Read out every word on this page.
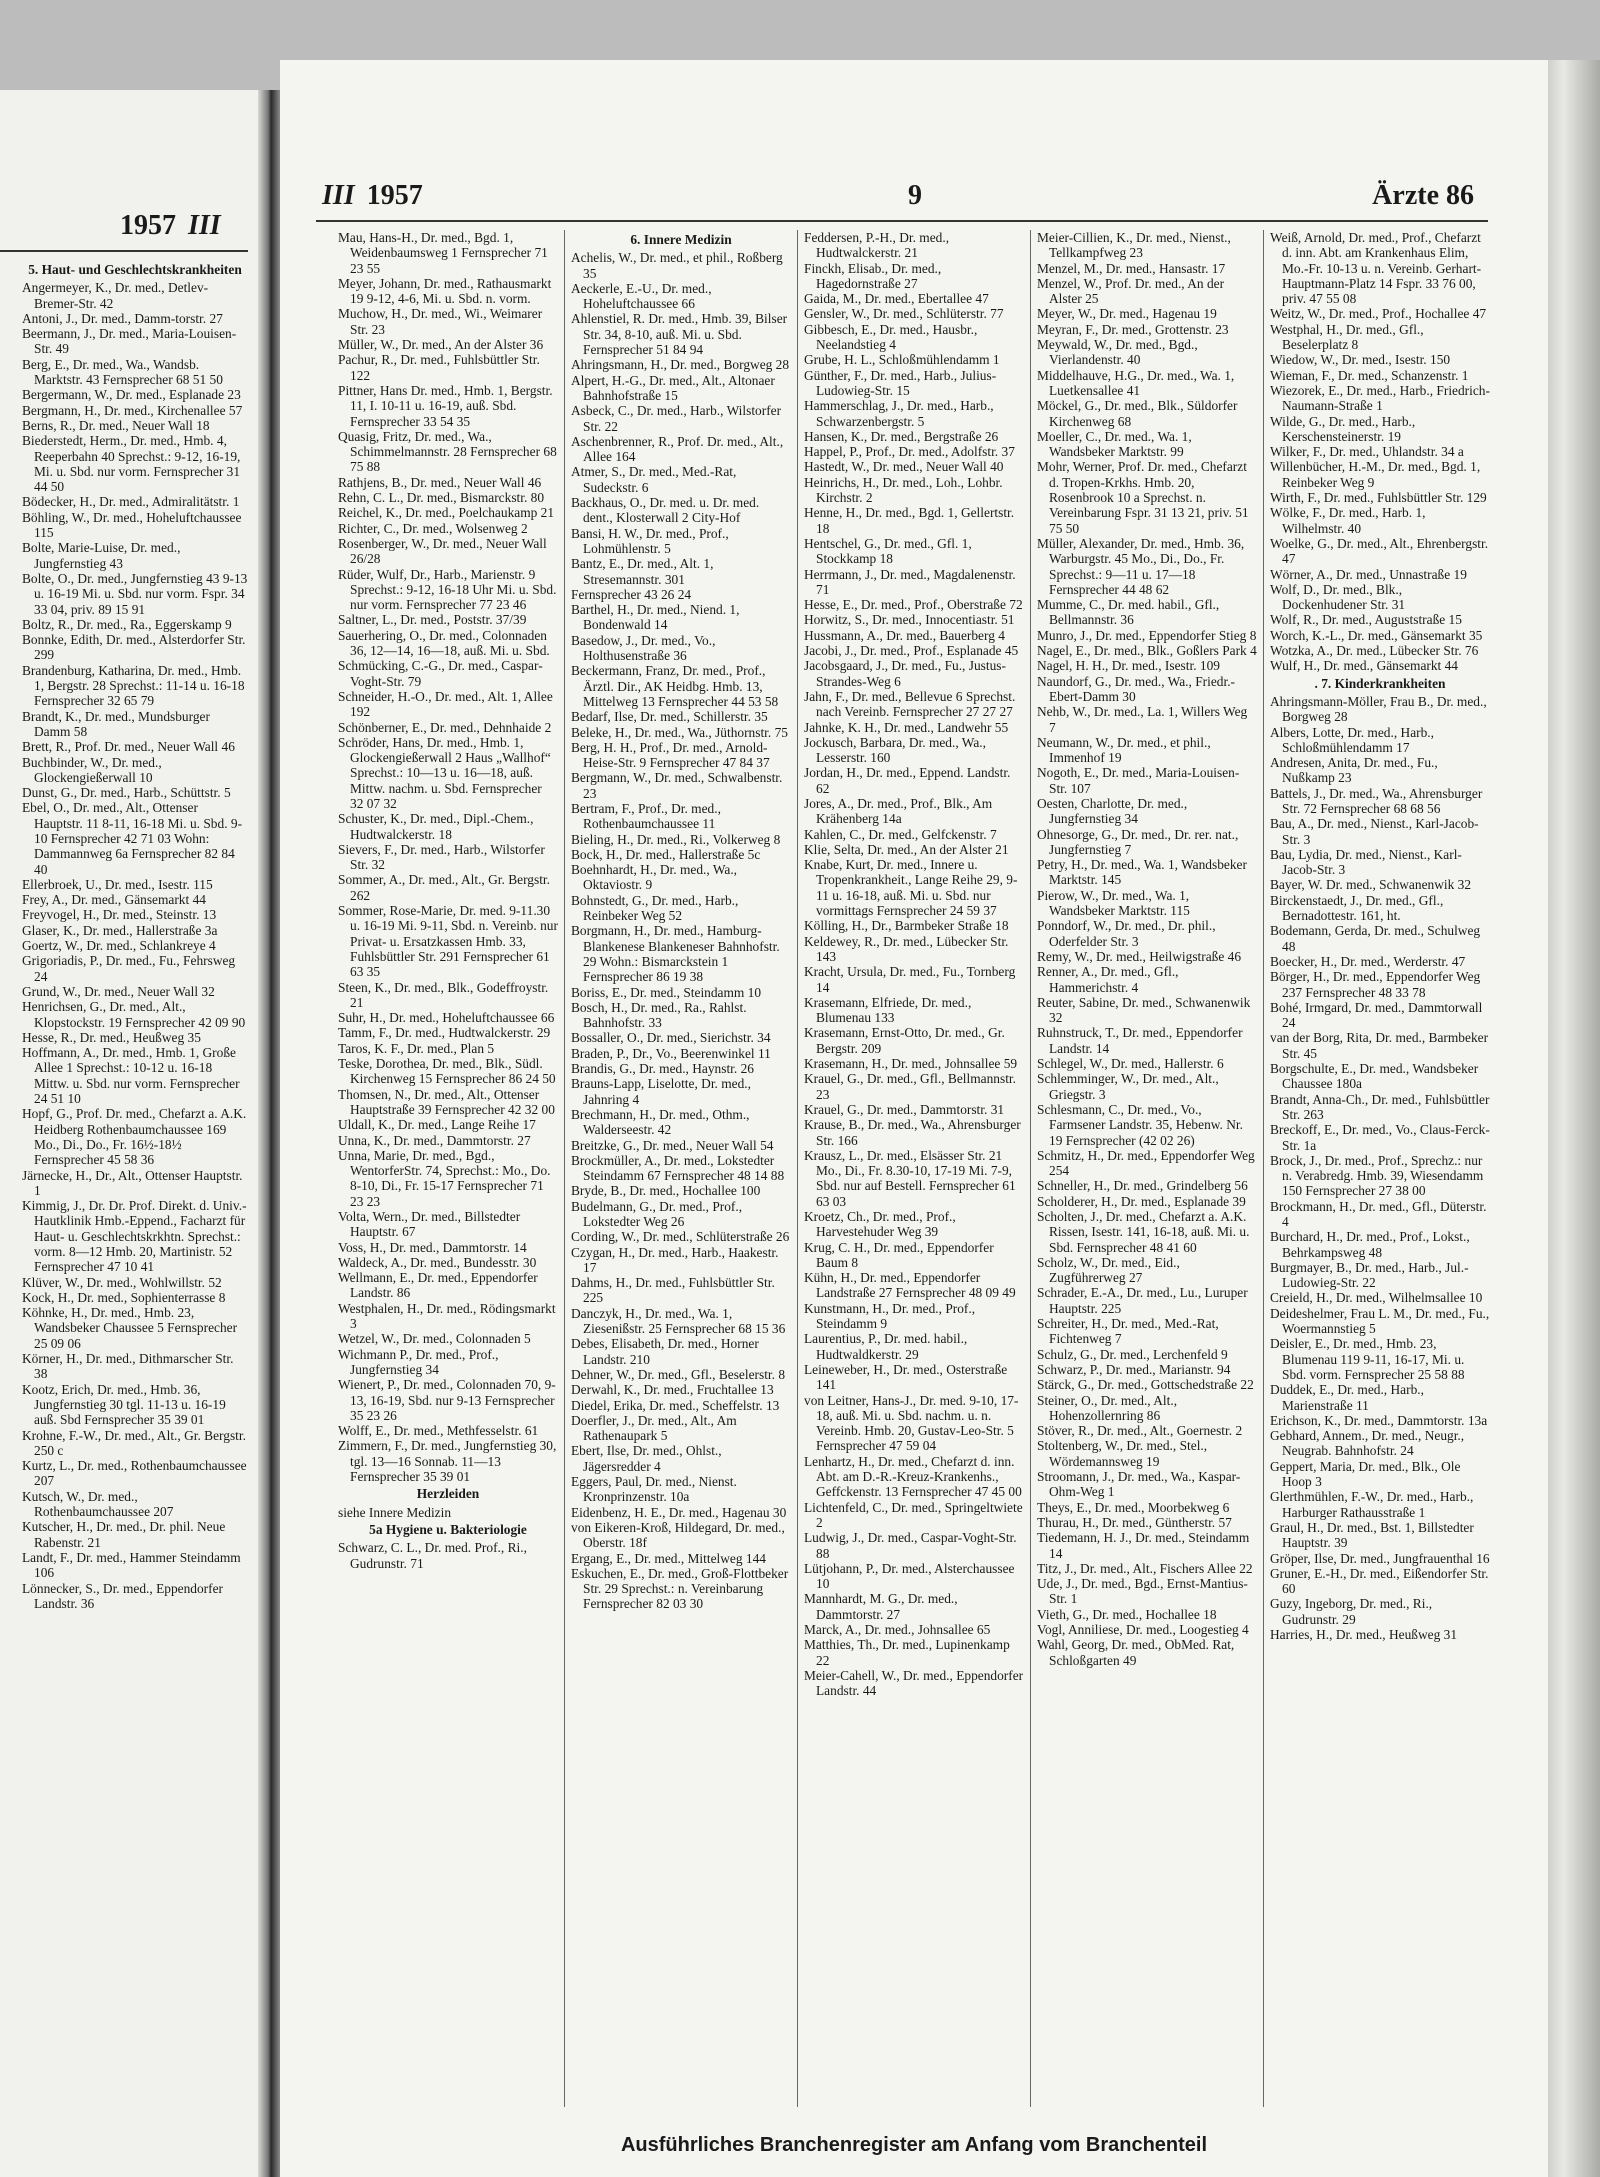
1957 III
5. Haut- und Geschlechtskrankheiten

Angermeyer, K., Dr. med., Detlev-Bremer-Str. 42

Antoni, J., Dr. med., Damm-torstr. 27

Beermann, J., Dr. med., Maria-Louisen-Str. 49

Berg, E., Dr. med., Wa., Wandsb. Marktstr. 43 Fernsprecher 68 51 50

Bergermann, W., Dr. med., Esplanade 23

Bergmann, H., Dr. med., Kirchenallee 57

Berns, R., Dr. med., Neuer Wall 18

Biederstedt, Herm., Dr. med., Hmb. 4, Reeperbahn 40 Sprechst.: 9-12, 16-19, Mi. u. Sbd. nur vorm. Fernsprecher 31 44 50

Bödecker, H., Dr. med., Admiralitätstr. 1

Böhling, W., Dr. med., Hoheluftchaussee 115

Bolte, Marie-Luise, Dr. med., Jungfernstieg 43

Bolte, O., Dr. med., Jungfernstieg 43 9-13 u. 16-19 Mi. u. Sbd. nur vorm. Fspr. 34 33 04, priv. 89 15 91

Boltz, R., Dr. med., Ra., Eggerskamp 9

Bonnke, Edith, Dr. med., Alsterdorfer Str. 299

Brandenburg, Katharina, Dr. med., Hmb. 1, Bergstr. 28 Sprechst.: 11-14 u. 16-18 Fernsprecher 32 65 79

Brandt, K., Dr. med., Mundsburger Damm 58

Brett, R., Prof. Dr. med., Neuer Wall 46

Buchbinder, W., Dr. med., Glockengießerwall 10

Dunst, G., Dr. med., Harb., Schüttstr. 5

Ebel, O., Dr. med., Alt., Ottenser Hauptstr. 11 8-11, 16-18 Mi. u. Sbd. 9-10 Fernsprecher 42 71 03 Wohn: Dammannweg 6a Fernsprecher 82 84 40

Ellerbroek, U., Dr. med., Isestr. 115

Frey, A., Dr. med., Gänsemarkt 44

Freyvogel, H., Dr. med., Steinstr. 13

Glaser, K., Dr. med., Hallerstraße 3a

Goertz, W., Dr. med., Schlankreye 4

Grigoriadis, P., Dr. med., Fu., Fehrsweg 24

Grund, W., Dr. med., Neuer Wall 32

Henrichsen, G., Dr. med., Alt., Klopstockstr. 19 Fernsprecher 42 09 90

Hesse, R., Dr. med., Heußweg 35

Hoffmann, A., Dr. med., Hmb. 1, Große Allee 1 Sprechst.: 10-12 u. 16-18 Mittw. u. Sbd. nur vorm. Fernsprecher 24 51 10

Hopf, G., Prof. Dr. med., Chefarzt a. A.K. Heidberg Rothenbaumchaussee 169 Mo., Di., Do., Fr. 16½-18½ Fernsprecher 45 58 36

Järnecke, H., Dr., Alt., Ottenser Hauptstr. 1

Kimmig, J., Dr. Dr. Prof. Direkt. d. Univ.-Hautklinik Hmb.-Eppend., Facharzt für Haut- u. Geschlechtskrkhtn. Sprechst.: vorm. 8—12 Hmb. 20, Martinistr. 52 Fernsprecher 47 10 41

Klüver, W., Dr. med., Wohlwillstr. 52

Kock, H., Dr. med., Sophienterrasse 8

Köhnke, H., Dr. med., Hmb. 23, Wandsbeker Chaussee 5 Fernsprecher 25 09 06

Körner, H., Dr. med., Dithmarscher Str. 38

Kootz, Erich, Dr. med., Hmb. 36, Jungfernstieg 30 tgl. 11-13 u. 16-19 auß. Sbd Fernsprecher 35 39 01

Krohne, F.-W., Dr. med., Alt., Gr. Bergstr. 250 c

Kurtz, L., Dr. med., Rothenbaumchaussee 207

Kutsch, W., Dr. med., Rothenbaumchaussee 207

Kutscher, H., Dr. med., Dr. phil. Neue Rabenstr. 21

Landt, F., Dr. med., Hammer Steindamm 106

Lönnecker, S., Dr. med., Eppendorfer Landstr. 36

III 1957	9	Ärzte 86

Mau, Hans-H., Dr. med., Bgd. 1, Weidenbaumsweg 1 Fernsprecher 71 23 55

Meyer, Johann, Dr. med., Rathausmarkt 19 9-12, 4-6, Mi. u. Sbd. n. vorm.

Muchow, H., Dr. med., Wi., Weimarer Str. 23

Müller, W., Dr. med., An der Alster 36

Pachur, R., Dr. med., Fuhlsbüttler Str. 122

Pittner, Hans Dr. med., Hmb. 1, Bergstr. 11, I. 10-11 u. 16-19, auß. Sbd. Fernsprecher 33 54 35

Quasig, Fritz, Dr. med., Wa., Schimmelmannstr. 28 Fernsprecher 68 75 88

Rathjens, B., Dr. med., Neuer Wall 46

Rehn, C. L., Dr. med., Bismarckstr. 80

Reichel, K., Dr. med., Poelchaukamp 21

Richter, C., Dr. med., Wolsenweg 2

Rosenberger, W., Dr. med., Neuer Wall 26/28

Rüder, Wulf, Dr., Harb., Marienstr. 9 Sprechst.: 9-12, 16-18 Uhr Mi. u. Sbd. nur vorm. Fernsprecher 77 23 46

Saltner, L., Dr. med., Poststr. 37/39

Sauerhering, O., Dr. med., Colonnaden 36, 12—14, 16—18, auß. Mi. u. Sbd.

Schmücking, C.-G., Dr. med., Caspar-Voght-Str. 79

Schneider, H.-O., Dr. med., Alt. 1, Allee 192

Schönberner, E., Dr. med., Dehnhaide 2

Schröder, Hans, Dr. med., Hmb. 1, Glockengießerwall 2 Haus „Wallhof“ Sprechst.: 10—13 u. 16—18, auß. Mittw. nachm. u. Sbd. Fernsprecher 32 07 32

Schuster, K., Dr. med., Dipl.-Chem., Hudtwalckerstr. 18

Sievers, F., Dr. med., Harb., Wilstorfer Str. 32

Sommer, A., Dr. med., Alt., Gr. Bergstr. 262

Sommer, Rose-Marie, Dr. med. 9-11.30 u. 16-19 Mi. 9-11, Sbd. n. Vereinb. nur Privat- u. Ersatzkassen Hmb. 33, Fuhlsbüttler Str. 291 Fernsprecher 61 63 35

Steen, K., Dr. med., Blk., Godeffroystr. 21

Suhr, H., Dr. med., Hoheluftchaussee 66

Tamm, F., Dr. med., Hudtwalckerstr. 29

Taros, K. F., Dr. med., Plan 5

Teske, Dorothea, Dr. med., Blk., Südl. Kirchenweg 15 Fernsprecher 86 24 50

Thomsen, N., Dr. med., Alt., Ottenser Hauptstraße 39 Fernsprecher 42 32 00

Uldall, K., Dr. med., Lange Reihe 17

Unna, K., Dr. med., Dammtorstr. 27

Unna, Marie, Dr. med., Bgd., WentorferStr. 74, Sprechst.: Mo., Do. 8-10, Di., Fr. 15-17 Fernsprecher 71 23 23

Volta, Wern., Dr. med., Billstedter Hauptstr. 67

Voss, H., Dr. med., Dammtorstr. 14

Waldeck, A., Dr. med., Bundesstr. 30

Wellmann, E., Dr. med., Eppendorfer Landstr. 86

Westphalen, H., Dr. med., Rödingsmarkt 3

Wetzel, W., Dr. med., Colonnaden 5

Wichmann P., Dr. med., Prof., Jungfernstieg 34

Wienert, P., Dr. med., Colonnaden 70, 9-13, 16-19, Sbd. nur 9-13 Fernsprecher 35 23 26

Wolff, E., Dr. med., Methfesselstr. 61

Zimmern, F., Dr. med., Jungfernstieg 30, tgl. 13—16 Sonnab. 11—13 Fernsprecher 35 39 01

Herzleiden

siehe Innere Medizin

5a Hygiene u. Bakteriologie

Schwarz, C. L., Dr. med. Prof., Ri., Gudrunstr. 71

6. Innere Medizin

Achelis, W., Dr. med., et phil., Roßberg 35

Aeckerle, E.-U., Dr. med., Hoheluftchaussee 66

Ahlenstiel, R. Dr. med., Hmb. 39, Bilser Str. 34, 8-10, auß. Mi. u. Sbd. Fernsprecher 51 84 94

Ahringsmann, H., Dr. med., Borgweg 28

Alpert, H.-G., Dr. med., Alt., Altonaer Bahnhofstraße 15

Asbeck, C., Dr. med., Harb., Wilstorfer Str. 22

Aschenbrenner, R., Prof. Dr. med., Alt., Allee 164

Atmer, S., Dr. med., Med.-Rat, Sudeckstr. 6

Backhaus, O., Dr. med. u. Dr. med. dent., Klosterwall 2 City-Hof

Bansi, H. W., Dr. med., Prof., Lohmühlenstr. 5

Bantz, E., Dr. med., Alt. 1, Stresemannstr. 301

Fernsprecher 43 26 24

Barthel, H., Dr. med., Niend. 1, Bondenwald 14

Basedow, J., Dr. med., Vo., Holthusenstraße 36

Beckermann, Franz, Dr. med., Prof., Ärztl. Dir., AK Heidbg. Hmb. 13, Mittelweg 13 Fernsprecher 44 53 58

Bedarf, Ilse, Dr. med., Schillerstr. 35

Beleke, H., Dr. med., Wa., Jüthornstr. 75

Berg, H. H., Prof., Dr. med., Arnold-Heise-Str. 9 Fernsprecher 47 84 37

Bergmann, W., Dr. med., Schwalbenstr. 23

Bertram, F., Prof., Dr. med., Rothenbaumchaussee 11

Bieling, H., Dr. med., Ri., Volkerweg 8

Bock, H., Dr. med., Hallerstraße 5c

Boehnhardt, H., Dr. med., Wa., Oktaviostr. 9

Bohnstedt, G., Dr. med., Harb., Reinbeker Weg 52

Borgmann, H., Dr. med., Hamburg-Blankenese Blankeneser Bahnhofstr. 29 Wohn.: Bismarckstein 1 Fernsprecher 86 19 38

Boriss, E., Dr. med., Steindamm 10

Bosch, H., Dr. med., Ra., Rahlst. Bahnhofstr. 33

Bossaller, O., Dr. med., Sierichstr. 34

Braden, P., Dr., Vo., Beerenwinkel 11

Brandis, G., Dr. med., Haynstr. 26

Brauns-Lapp, Liselotte, Dr. med., Jahnring 4

Brechmann, H., Dr. med., Othm., Walderseestr. 42

Breitzke, G., Dr. med., Neuer Wall 54

Brockmüller, A., Dr. med., Lokstedter Steindamm 67 Fernsprecher 48 14 88

Bryde, B., Dr. med., Hochallee 100

Budelmann, G., Dr. med., Prof., Lokstedter Weg 26

Cording, W., Dr. med., Schlüterstraße 26

Czygan, H., Dr. med., Harb., Haakestr. 17

Dahms, H., Dr. med., Fuhlsbüttler Str. 225

Danczyk, H., Dr. med., Wa. 1, Ziesenißstr. 25 Fernsprecher 68 15 36

Debes, Elisabeth, Dr. med., Horner Landstr. 210

Dehner, W., Dr. med., Gfl., Beselerstr. 8

Derwahl, K., Dr. med., Fruchtallee 13

Diedel, Erika, Dr. med., Scheffelstr. 13

Doerfler, J., Dr. med., Alt., Am Rathenaupark 5

Ebert, Ilse, Dr. med., Ohlst., Jägersredder 4

Eggers, Paul, Dr. med., Nienst. Kronprinzenstr. 10a

Eidenbenz, H. E., Dr. med., Hagenau 30

von Eikeren-Kroß, Hildegard, Dr. med., Oberstr. 18f

Ergang, E., Dr. med., Mittelweg 144

Eskuchen, E., Dr. med., Groß-Flottbeker Str. 29 Sprechst.: n. Vereinbarung Fernsprecher 82 03 30

Feddersen, P.-H., Dr. med., Hudtwalckerstr. 21

Finckh, Elisab., Dr. med., Hagedornstraße 27

Gaida, M., Dr. med., Ebertallee 47

Gensler, W., Dr. med., Schlüterstr. 77

Gibbesch, E., Dr. med., Hausbr., Neelandstieg 4

Grube, H. L., Schloßmühlendamm 1

Günther, F., Dr. med., Harb., Julius-Ludowieg-Str. 15

Hammerschlag, J., Dr. med., Harb., Schwarzenbergstr. 5

Hansen, K., Dr. med., Bergstraße 26

Happel, P., Prof., Dr. med., Adolfstr. 37

Hastedt, W., Dr. med., Neuer Wall 40

Heinrichs, H., Dr. med., Loh., Lohbr. Kirchstr. 2

Henne, H., Dr. med., Bgd. 1, Gellertstr. 18

Hentschel, G., Dr. med., Gfl. 1, Stockkamp 18

Herrmann, J., Dr. med., Magdalenenstr. 71

Hesse, E., Dr. med., Prof., Oberstraße 72

Horwitz, S., Dr. med., Innocentiastr. 51

Hussmann, A., Dr. med., Bauerberg 4

Jacobi, J., Dr. med., Prof., Esplanade 45

Jacobsgaard, J., Dr. med., Fu., Justus-Strandes-Weg 6

Jahn, F., Dr. med., Bellevue 6 Sprechst. nach Vereinb. Fernsprecher 27 27 27

Jahnke, K. H., Dr. med., Landwehr 55

Jockusch, Barbara, Dr. med., Wa., Lesserstr. 160

Jordan, H., Dr. med., Eppend. Landstr. 62

Jores, A., Dr. med., Prof., Blk., Am Krähenberg 14a

Kahlen, C., Dr. med., Gelfckenstr. 7

Klie, Selta, Dr. med., An der Alster 21

Knabe, Kurt, Dr. med., Innere u. Tropenkrankheit., Lange Reihe 29, 9-11 u. 16-18, auß. Mi. u. Sbd. nur vormittags Fernsprecher 24 59 37

Kölling, H., Dr., Barmbeker Straße 18

Keldewey, R., Dr. med., Lübecker Str. 143

Kracht, Ursula, Dr. med., Fu., Tornberg 14

Krasemann, Elfriede, Dr. med., Blumenau 133

Krasemann, Ernst-Otto, Dr. med., Gr. Bergstr. 209

Krasemann, H., Dr. med., Johnsallee 59

Krauel, G., Dr. med., Gfl., Bellmannstr. 23

Krauel, G., Dr. med., Dammtorstr. 31

Krause, B., Dr. med., Wa., Ahrensburger Str. 166

Krausz, L., Dr. med., Elsässer Str. 21 Mo., Di., Fr. 8.30-10, 17-19 Mi. 7-9, Sbd. nur auf Bestell. Fernsprecher 61 63 03

Kroetz, Ch., Dr. med., Prof., Harvestehuder Weg 39

Krug, C. H., Dr. med., Eppendorfer Baum 8

Kühn, H., Dr. med., Eppendorfer Landstraße 27 Fernsprecher 48 09 49

Kunstmann, H., Dr. med., Prof., Steindamm 9

Laurentius, P., Dr. med. habil., Hudtwaldkerstr. 29

Leineweber, H., Dr. med., Osterstraße 141

von Leitner, Hans-J., Dr. med. 9-10, 17-18, auß. Mi. u. Sbd. nachm. u. n. Vereinb. Hmb. 20, Gustav-Leo-Str. 5 Fernsprecher 47 59 04

Lenhartz, H., Dr. med., Chefarzt d. inn. Abt. am D.-R.-Kreuz-Krankenhs., Geffckenstr. 13 Fernsprecher 47 45 00

Lichtenfeld, C., Dr. med., Springeltwiete 2

Ludwig, J., Dr. med., Caspar-Voght-Str. 88

Lütjohann, P., Dr. med., Alsterchaussee 10

Mannhardt, M. G., Dr. med., Dammtorstr. 27

Marck, A., Dr. med., Johnsallee 65

Matthies, Th., Dr. med., Lupinenkamp 22

Meier-Cahell, W., Dr. med., Eppendorfer Landstr. 44

Meier-Cillien, K., Dr. med., Nienst., Tellkampfweg 23

Menzel, M., Dr. med., Hansastr. 17

Menzel, W., Prof. Dr. med., An der Alster 25

Meyer, W., Dr. med., Hagenau 19

Meyran, F., Dr. med., Grottenstr. 23

Meywald, W., Dr. med., Bgd., Vierlandenstr. 40

Middelhauve, H.G., Dr. med., Wa. 1, Luetkensallee 41

Möckel, G., Dr. med., Blk., Süldorfer Kirchenweg 68

Moeller, C., Dr. med., Wa. 1, Wandsbeker Marktstr. 99

Mohr, Werner, Prof. Dr. med., Chefarzt d. Tropen-Krkhs. Hmb. 20, Rosenbrook 10 a Sprechst. n. Vereinbarung Fspr. 31 13 21, priv. 51 75 50

Müller, Alexander, Dr. med., Hmb. 36, Warburgstr. 45 Mo., Di., Do., Fr. Sprechst.: 9—11 u. 17—18 Fernsprecher 44 48 62

Mumme, C., Dr. med. habil., Gfl., Bellmannstr. 36

Munro, J., Dr. med., Eppendorfer Stieg 8

Nagel, E., Dr. med., Blk., Goßlers Park 4

Nagel, H. H., Dr. med., Isestr. 109

Naundorf, G., Dr. med., Wa., Friedr.-Ebert-Damm 30

Nehb, W., Dr. med., La. 1, Willers Weg 7

Neumann, W., Dr. med., et phil., Immenhof 19

Nogoth, E., Dr. med., Maria-Louisen-Str. 107

Oesten, Charlotte, Dr. med., Jungfernstieg 34

Ohnesorge, G., Dr. med., Dr. rer. nat., Jungfernstieg 7

Petry, H., Dr. med., Wa. 1, Wandsbeker Marktstr. 145

Pierow, W., Dr. med., Wa. 1, Wandsbeker Marktstr. 115

Ponndorf, W., Dr. med., Dr. phil., Oderfelder Str. 3

Remy, W., Dr. med., Heilwigstraße 46

Renner, A., Dr. med., Gfl., Hammerichstr. 4

Reuter, Sabine, Dr. med., Schwanenwik 32

Ruhnstruck, T., Dr. med., Eppendorfer Landstr. 14

Schlegel, W., Dr. med., Hallerstr. 6

Schlemminger, W., Dr. med., Alt., Griegstr. 3

Schlesmann, C., Dr. med., Vo., Farmsener Landstr. 35, Hebenw. Nr. 19 Fernsprecher (42 02 26)

Schmitz, H., Dr. med., Eppendorfer Weg 254

Schneller, H., Dr. med., Grindelberg 56

Scholderer, H., Dr. med., Esplanade 39

Scholten, J., Dr. med., Chefarzt a. A.K. Rissen, Isestr. 141, 16-18, auß. Mi. u. Sbd. Fernsprecher 48 41 60

Scholz, W., Dr. med., Eid., Zugführerweg 27

Schrader, E.-A., Dr. med., Lu., Luruper Hauptstr. 225

Schreiter, H., Dr. med., Med.-Rat, Fichtenweg 7

Schulz, G., Dr. med., Lerchenfeld 9

Schwarz, P., Dr. med., Marianstr. 94

Stärck, G., Dr. med., Gottschedstraße 22

Steiner, O., Dr. med., Alt., Hohenzollernring 86

Stöver, R., Dr. med., Alt., Goernestr. 2

Stoltenberg, W., Dr. med., Stel., Wördemannsweg 19

Stroomann, J., Dr. med., Wa., Kaspar-Ohm-Weg 1

Theys, E., Dr. med., Moorbekweg 6

Thurau, H., Dr. med., Güntherstr. 57

Tiedemann, H. J., Dr. med., Steindamm 14

Titz, J., Dr. med., Alt., Fischers Allee 22

Ude, J., Dr. med., Bgd., Ernst-Mantius-Str. 1

Vieth, G., Dr. med., Hochallee 18

Vogl, Anniliese, Dr. med., Loogestieg 4

Wahl, Georg, Dr. med., ObMed. Rat, Schloßgarten 49

Weiß, Arnold, Dr. med., Prof., Chefarzt d. inn. Abt. am Krankenhaus Elim, Mo.-Fr. 10-13 u. n. Vereinb. Gerhart-Hauptmann-Platz 14 Fspr. 33 76 00, priv. 47 55 08

Weitz, W., Dr. med., Prof., Hochallee 47

Westphal, H., Dr. med., Gfl., Beselerplatz 8

Wiedow, W., Dr. med., Isestr. 150

Wieman, F., Dr. med., Schanzenstr. 1

Wiezorek, E., Dr. med., Harb., Friedrich-Naumann-Straße 1

Wilde, G., Dr. med., Harb., Kerschensteinerstr. 19

Wilker, F., Dr. med., Uhlandstr. 34 a

Willenbücher, H.-M., Dr. med., Bgd. 1, Reinbeker Weg 9

Wirth, F., Dr. med., Fuhlsbüttler Str. 129

Wölke, F., Dr. med., Harb. 1, Wilhelmstr. 40

Woelke, G., Dr. med., Alt., Ehrenbergstr. 47

Wörner, A., Dr. med., Unnastraße 19

Wolf, D., Dr. med., Blk., Dockenhudener Str. 31

Wolf, R., Dr. med., Auguststraße 15

Worch, K.-L., Dr. med., Gänsemarkt 35

Wotzka, A., Dr. med., Lübecker Str. 76

Wulf, H., Dr. med., Gänsemarkt 44

. 7. Kinderkrankheiten

Ahringsmann-Möller, Frau B., Dr. med., Borgweg 28

Albers, Lotte, Dr. med., Harb., Schloßmühlendamm 17

Andresen, Anita, Dr. med., Fu., Nußkamp 23

Battels, J., Dr. med., Wa., Ahrensburger Str. 72 Fernsprecher 68 68 56

Bau, A., Dr. med., Nienst., Karl-Jacob-Str. 3

Bau, Lydia, Dr. med., Nienst., Karl-Jacob-Str. 3

Bayer, W. Dr. med., Schwanenwik 32

Birckenstaedt, J., Dr. med., Gfl., Bernadottestr. 161, ht.

Bodemann, Gerda, Dr. med., Schulweg 48

Boecker, H., Dr. med., Werderstr. 47

Börger, H., Dr. med., Eppendorfer Weg 237 Fernsprecher 48 33 78

Bohé, Irmgard, Dr. med., Dammtorwall 24

van der Borg, Rita, Dr. med., Barmbeker Str. 45

Borgschulte, E., Dr. med., Wandsbeker Chaussee 180a

Brandt, Anna-Ch., Dr. med., Fuhlsbüttler Str. 263

Breckoff, E., Dr. med., Vo., Claus-Ferck-Str. 1a

Brock, J., Dr. med., Prof., Sprechz.: nur n. Verabredg. Hmb. 39, Wiesendamm 150 Fernsprecher 27 38 00

Brockmann, H., Dr. med., Gfl., Düterstr. 4

Burchard, H., Dr. med., Prof., Lokst., Behrkampsweg 48

Burgmayer, B., Dr. med., Harb., Jul.-Ludowieg-Str. 22

Creield, H., Dr. med., Wilhelmsallee 10

Deideshelmer, Frau L. M., Dr. med., Fu., Woermannstieg 5

Deisler, E., Dr. med., Hmb. 23, Blumenau 119 9-11, 16-17, Mi. u. Sbd. vorm. Fernsprecher 25 58 88

Duddek, E., Dr. med., Harb., Marienstraße 11

Erichson, K., Dr. med., Dammtorstr. 13a

Gebhard, Annem., Dr. med., Neugr., Neugrab. Bahnhofstr. 24

Geppert, Maria, Dr. med., Blk., Ole Hoop 3

Glerthmühlen, F.-W., Dr. med., Harb., Harburger Rathausstraße 1

Graul, H., Dr. med., Bst. 1, Billstedter Hauptstr. 39

Gröper, Ilse, Dr. med., Jungfrauenthal 16

Gruner, E.-H., Dr. med., Eißendorfer Str. 60

Guzy, Ingeborg, Dr. med., Ri., Gudrunstr. 29

Harries, H., Dr. med., Heußweg 31

Ausführliches Branchenregister am Anfang vom Branchenteil
